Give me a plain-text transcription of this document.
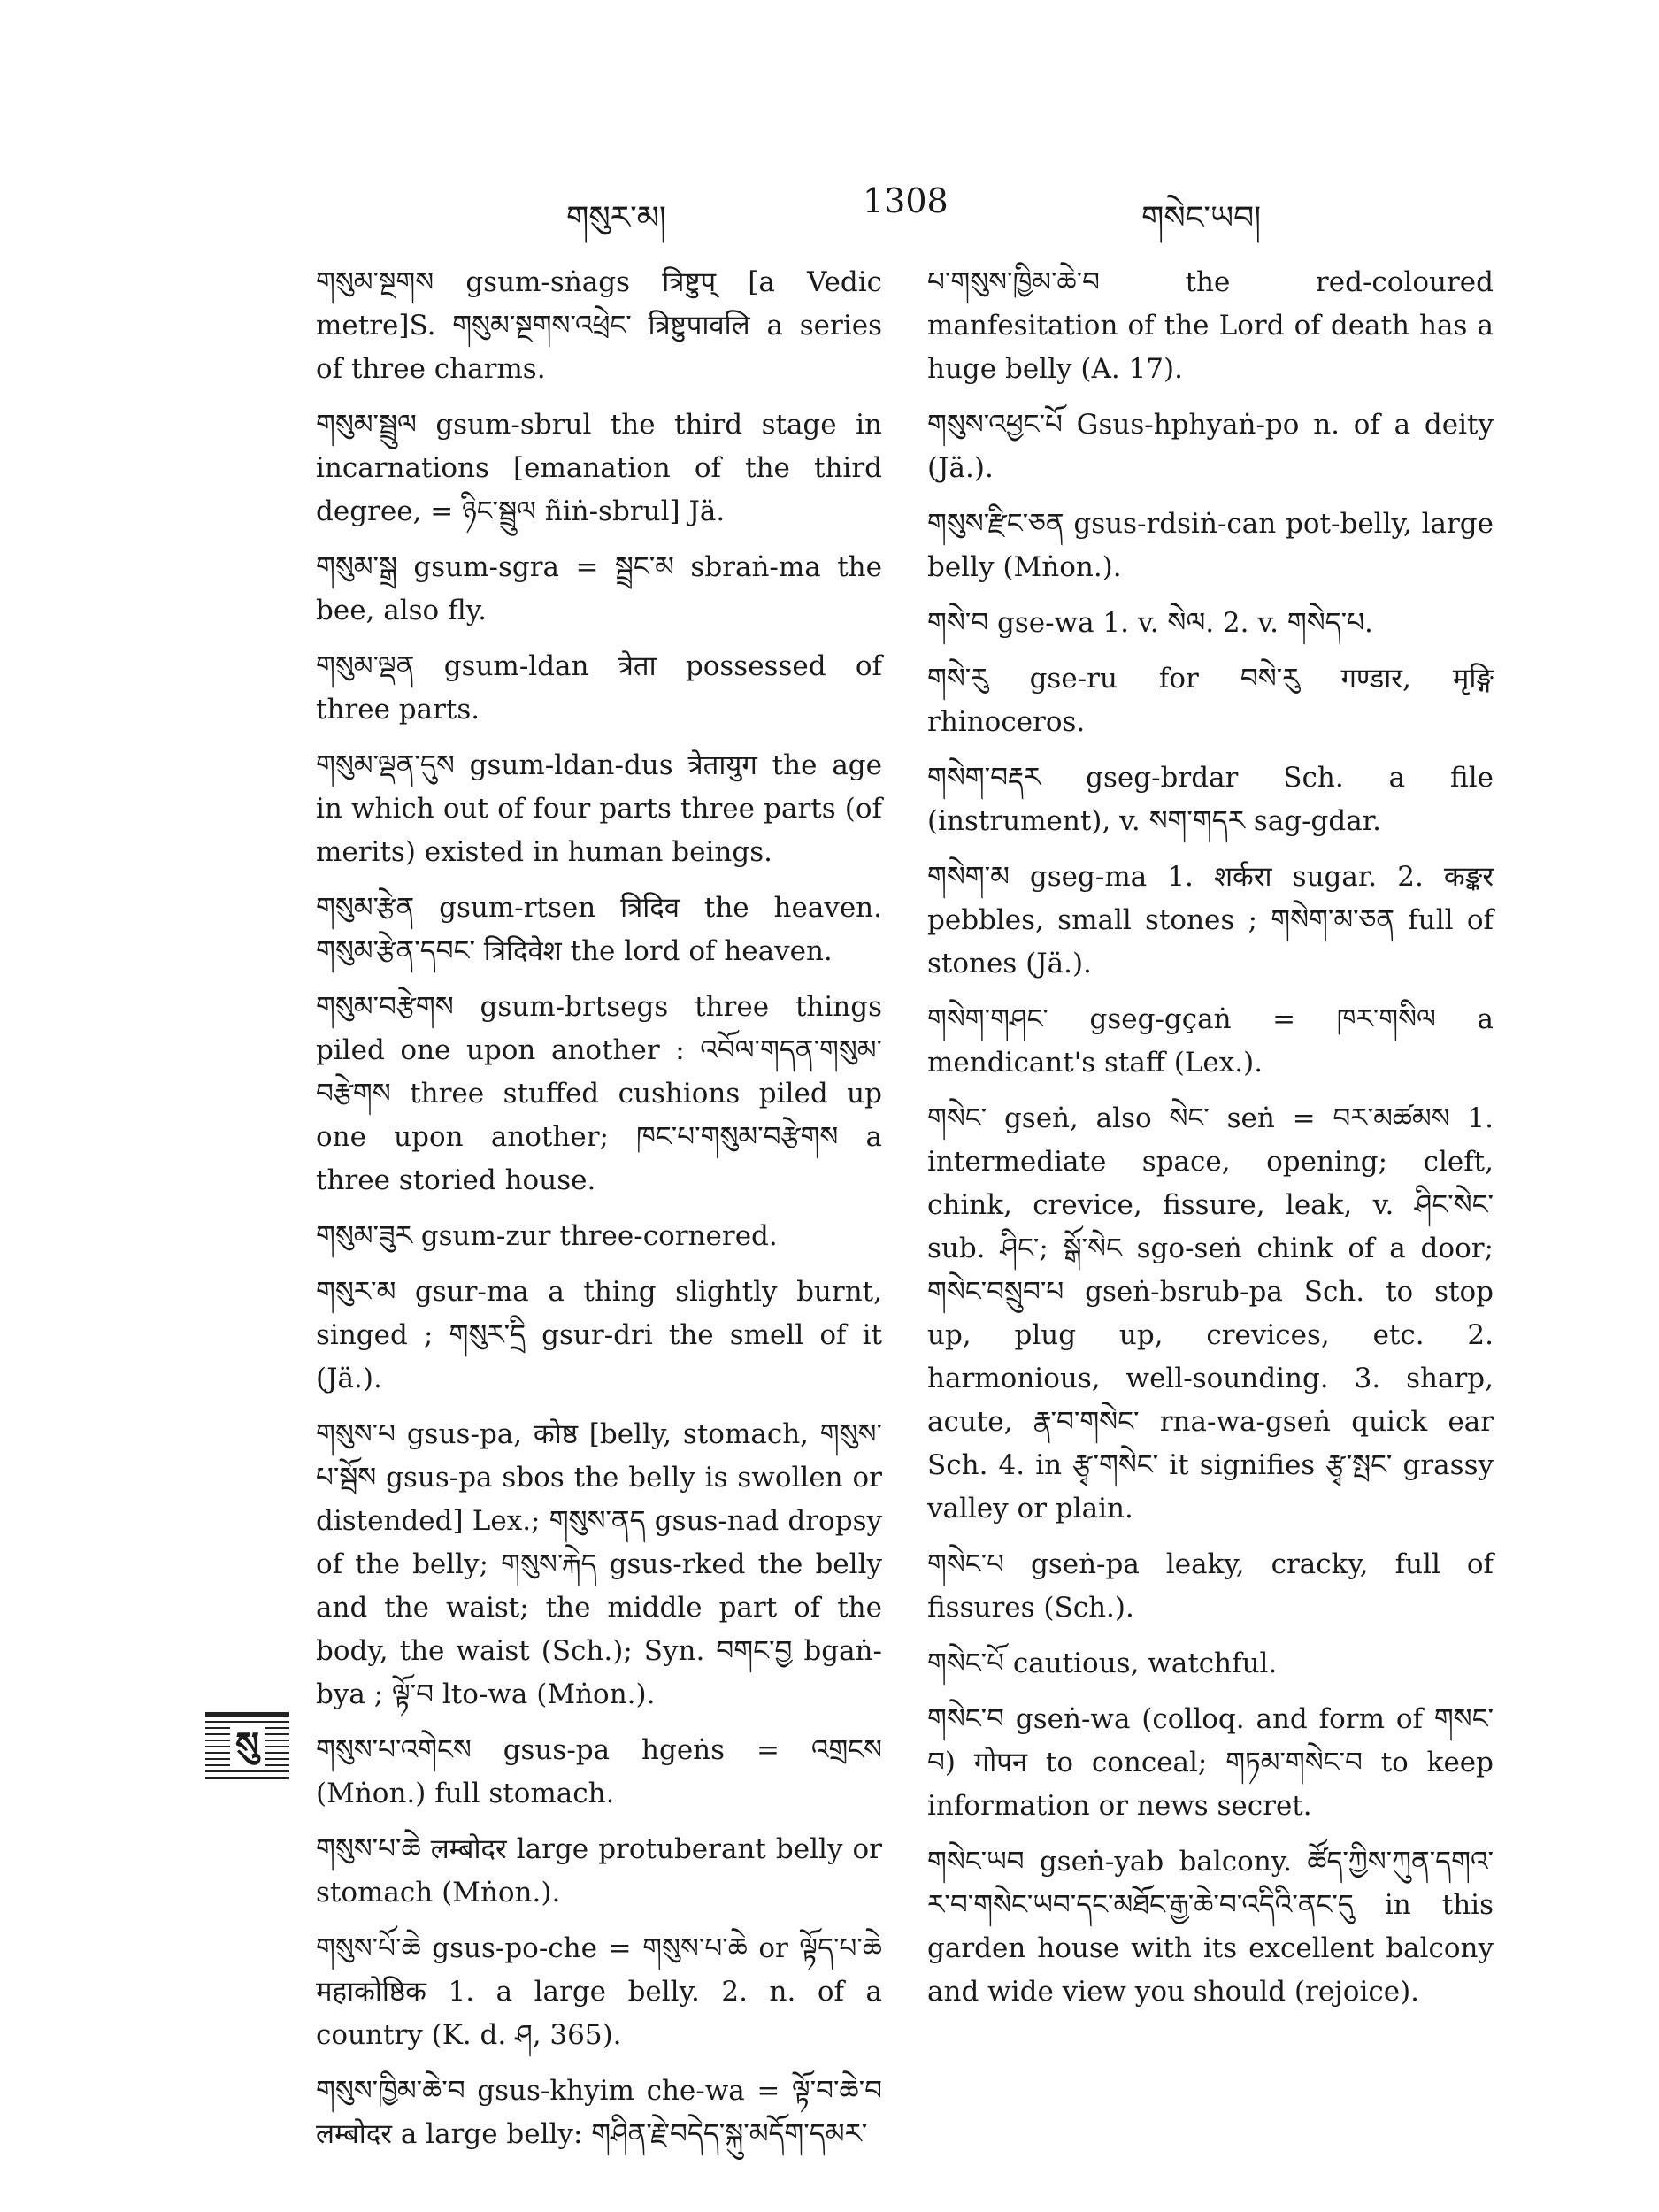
གསུར་མ།	1308	གསེང་ཡབ།

གསུམ་སྔགས gsum-sṅags त्रिष्टुप् [a Vedic metre]S. གསུམ་སྔགས་འཕྲེང་ त्रिष्टुपावलि a series of three charms.

གསུམ་སྦྲུལ gsum-sbrul the third stage in incarnations [emanation of the third degree, = ཉིང་སྦྲུལ ñiṅ-sbrul] Jä.

གསུམ་སྒྲ gsum-sgra = སྦྲང་མ sbraṅ-ma the bee, also fly.

གསུམ་ལྡན gsum-ldan त्रेता possessed of three parts.

གསུམ་ལྡན་དུས gsum-ldan-dus त्रेतायुग the age in which out of four parts three parts (of merits) existed in human beings.

གསུམ་རྩེན gsum-rtsen त्रिदिव the heaven. གསུམ་རྩེན་དབང་ त्रिदिवेश the lord of heaven.

གསུམ་བརྩེགས gsum-brtsegs three things piled one upon another : འབོལ་གདན་གསུམ་བརྩེགས three stuffed cushions piled up one upon another; ཁང་པ་གསུམ་བརྩེགས a three storied house.

གསུམ་ཟུར gsum-zur three-cornered.

གསུར་མ gsur-ma a thing slightly burnt, singed ; གསུར་དྲི gsur-dri the smell of it (Jä.).

གསུས་པ gsus-pa, कोष्ठ [belly, stomach, གསུས་པ་སྦོས gsus-pa sbos the belly is swollen or distended] Lex.; གསུས་ནད gsus-nad dropsy of the belly; གསུས་རྐེད gsus-rked the belly and the waist; the middle part of the body, the waist (Sch.); Syn. བགང་བྱ bgaṅ-bya ; ལྟོ་བ lto-wa (Mṅon.).

གསུས་པ་འགེངས gsus-pa hgeṅs = འགྲངས (Mṅon.) full stomach.

གསུས་པ་ཆེ लम्बोदर large protuberant belly or stomach (Mṅon.).

གསུས་པོ་ཆེ gsus-po-che = གསུས་པ་ཆེ or ལྟོད་པ་ཆེ महाकोष्ठिक 1. a large belly. 2. n. of a country (K. d. ཤ, 365).

གསུས་ཁྱིམ་ཆེ་བ gsus-khyim che-wa = ལྟོ་བ་ཆེ་བ लम्बोदर a large belly: གཤིན་རྗེ་བདེད་སྐུ་མདོག་དམར་

པ་གསུས་ཁྱིམ་ཆེ་བ the red-coloured manfesitation of the Lord of death has a huge belly (A. 17).

གསུས་འཕྱང་པོ Gsus-hphyaṅ-po n. of a deity (Jä.).

གསུས་རྫིང་ཅན gsus-rdsiṅ-can pot-belly, large belly (Mṅon.).

གསེ་བ gse-wa 1. v. སེལ. 2. v. གསེད་པ.

གསེ་རུ gse-ru for བསེ་རུ गण्डार, मृङ्गि rhinoceros.

གསེག་བརྡར gseg-brdar Sch. a file (instrument), v. སག་གདར sag-gdar.

གསེག་མ gseg-ma 1. शर्करा sugar. 2. कङ्कर pebbles, small stones ; གསེག་མ་ཅན full of stones (Jä.).

གསེག་གཤང་ gseg-gçaṅ = ཁར་གསིལ a mendicant's staff (Lex.).

གསེང་ gseṅ, also སེང་ seṅ = བར་མཚམས 1. intermediate space, opening; cleft, chink, crevice, fissure, leak, v. ཤིང་སེང་ sub. ཤིང་; སྒོ་སེང sgo-seṅ chink of a door; གསེང་བསྲུབ་པ gseṅ-bsrub-pa Sch. to stop up, plug up, crevices, etc. 2. harmonious, well-sounding. 3. sharp, acute, རྣ་བ་གསེང་ rna-wa-gseṅ quick ear Sch. 4. in རྩྭ་གསེང་ it signifies རྩྭ་སྤང་ grassy valley or plain.

གསེང་པ gseṅ-pa leaky, cracky, full of fissures (Sch.).

གསེང་པོ cautious, watchful.

གསེང་བ gseṅ-wa (colloq. and form of གསང་བ) गोपन to conceal; གཏམ་གསེང་བ to keep information or news secret.

གསེང་ཡབ gseṅ-yab balcony. ཚོད་ཀྱིས་ཀུན་དགའ་ར་བ་གསེང་ཡབ་དང་མཐོང་རྒྱ་ཆེ་བ་འདིའི་ནང་དུ in this garden house with its excellent balcony and wide view you should (rejoice).

སུ
